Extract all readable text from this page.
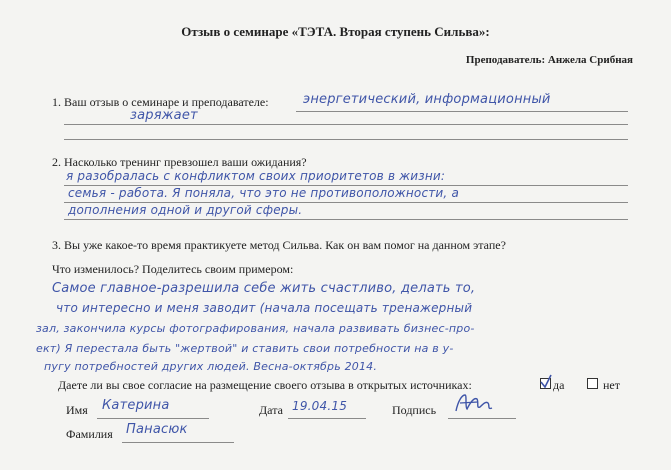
Отзыв о семинаре «ТЭТА. Вторая ступень Сильва»:
Преподаватель: Анжела Срибная
1. Ваш отзыв о семинаре и преподавателе:	энергетический, информационный
заряжает
2. Насколько тренинг превзошел ваши ожидания?
я разобралась с конфликтом своих приоритетов в жизни:
семья - работа. Я поняла, что это не противоположности, а
дополнения одной и другой сферы.
3. Вы уже какое-то время практикуете метод Сильва. Как он вам помог на данном этапе?
Что изменилось? Поделитесь своим примером:
Самое главное-разрешила себе жить счастливо, делать то,
что интересно и меня заводит (начала посещать тренажерный
зал, закончила курсы фотографирования, начала развивать бизнес-про-
ект) Я перестала быть "жертвой" и ставить свои потребности на в у-
пугу потребностей других людей. Весна-октябрь 2014.
Даете ли вы свое согласие на размещение своего отзыва в открытых источниках:	да	нет
Имя Катерина	Дата 19.04.15	Подпись
Фамилия Панасюк
